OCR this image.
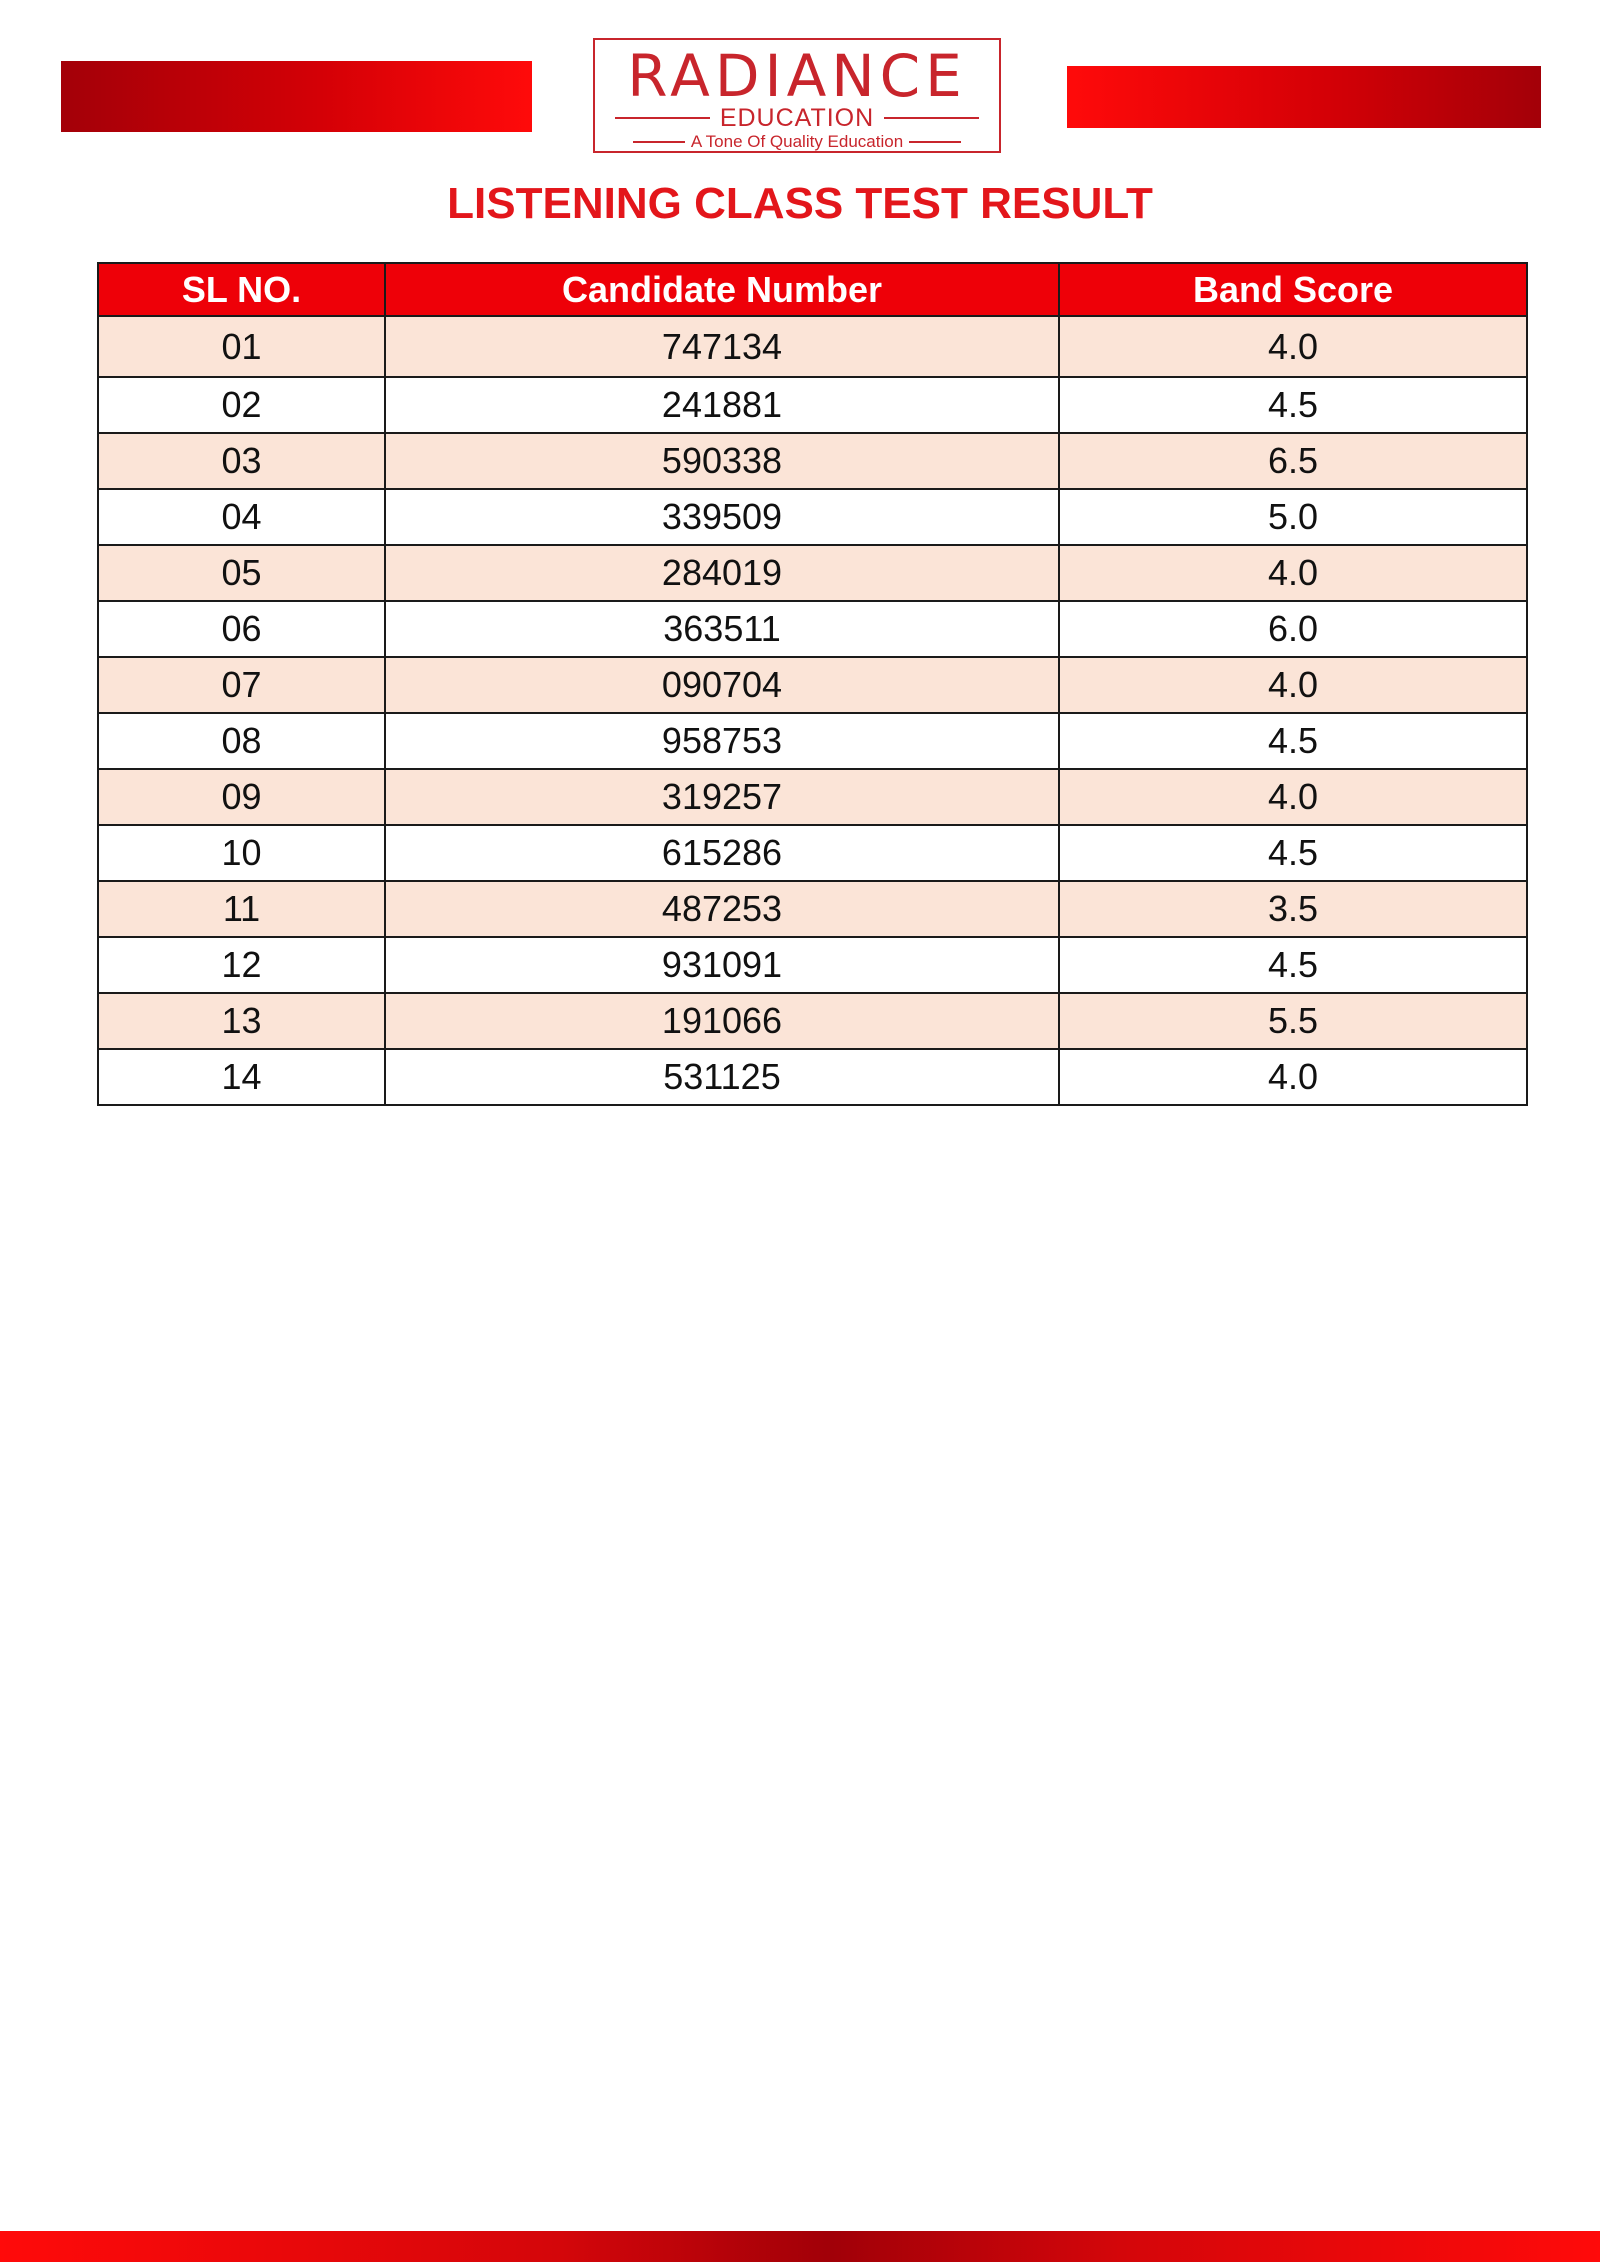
RADIANCE
EDUCATION
A Tone Of Quality Education
LISTENING CLASS TEST RESULT
SL NO.	Candidate Number	Band Score
01	747134	4.0
02	241881	4.5
03	590338	6.5
04	339509	5.0
05	284019	4.0
06	363511	6.0
07	090704	4.0
08	958753	4.5
09	319257	4.0
10	615286	4.5
11	487253	3.5
12	931091	4.5
13	191066	5.5
14	531125	4.0
